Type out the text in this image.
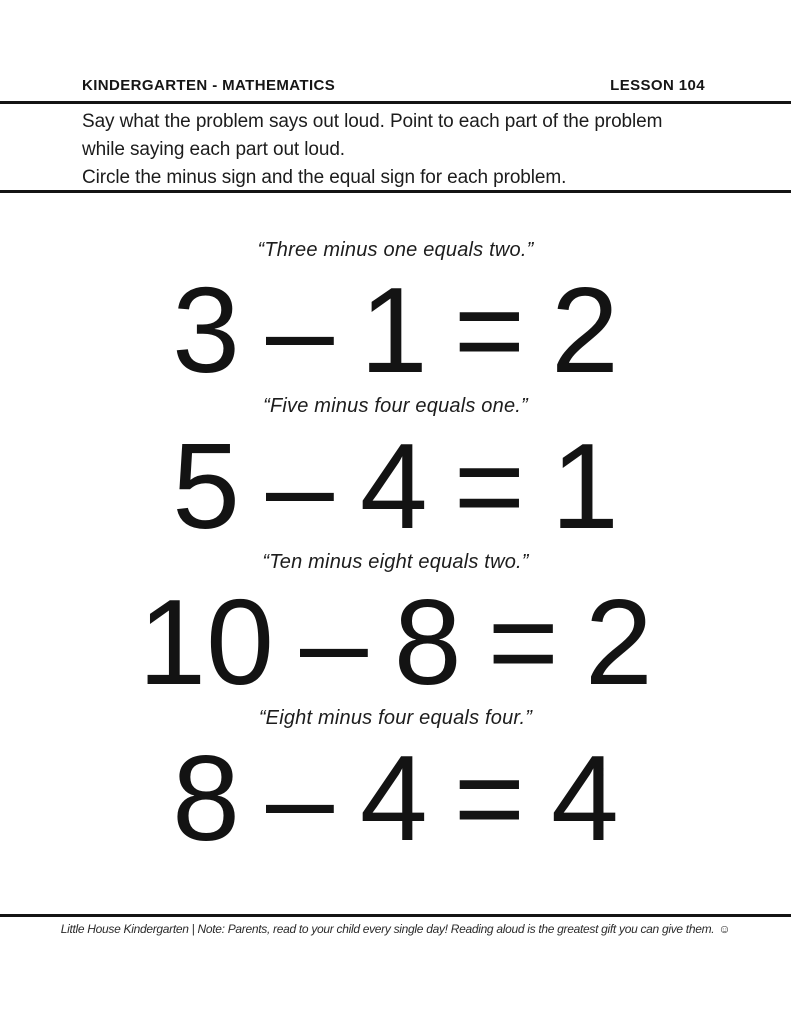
KINDERGARTEN - MATHEMATICS	LESSON 104
Say what the problem says out loud. Point to each part of the problem
while saying each part out loud.
Circle the minus sign and the equal sign for each problem.
“Three minus one equals two.”
3 – 1 = 2
“Five minus four equals one.”
5 – 4 = 1
“Ten minus eight equals two.”
10 – 8 = 2
“Eight minus four equals four.”
8 – 4 = 4
Little House Kindergarten | Note: Parents, read to your child every single day! Reading aloud is the greatest gift you can give them. ☺
